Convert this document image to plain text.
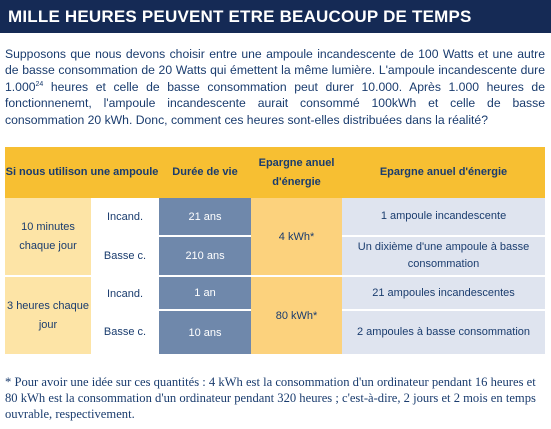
MILLE HEURES PEUVENT ETRE BEAUCOUP DE TEMPS
Supposons que nous devons choisir entre une ampoule incandescente de 100 Watts et une autre de basse consommation de 20 Watts qui émettent la même lumière. L'ampoule incandescente dure 1.000$^{24}$ heures et celle de basse consommation peut durer 10.000. Après 1.000 heures de fonctionnenemt, l'ampoule incandescente aurait consommé 100kWh et celle de basse consommation 20 kWh. Donc, comment ces heures sont-elles distribuées dans la réalité?
Si nous utilison une ampoule		Durée de vie	Epargne anuel d'énergie	Epargne anuel d'énergie
10 minutes chaque jour	Incand.	21 ans	4 kWh*	1 ampoule incandescente
	Basse c.	210 ans		Un dixième d'une ampoule à basse consommation

3 heures chaque jour	Incand.	1 an	80 kWh*	21 ampoules incandescentes
	Basse c.	10 ans		2 ampoules à basse consommation
* Pour avoir une idée sur ces quantités : 4 kWh est la consommation d'un ordinateur pendant 16 heures et 80 kWh est la consommation d'un ordinateur pendant 320 heures ; c'est-à-dire, 2 jours et 2 mois en temps ouvrable, respectivement.
